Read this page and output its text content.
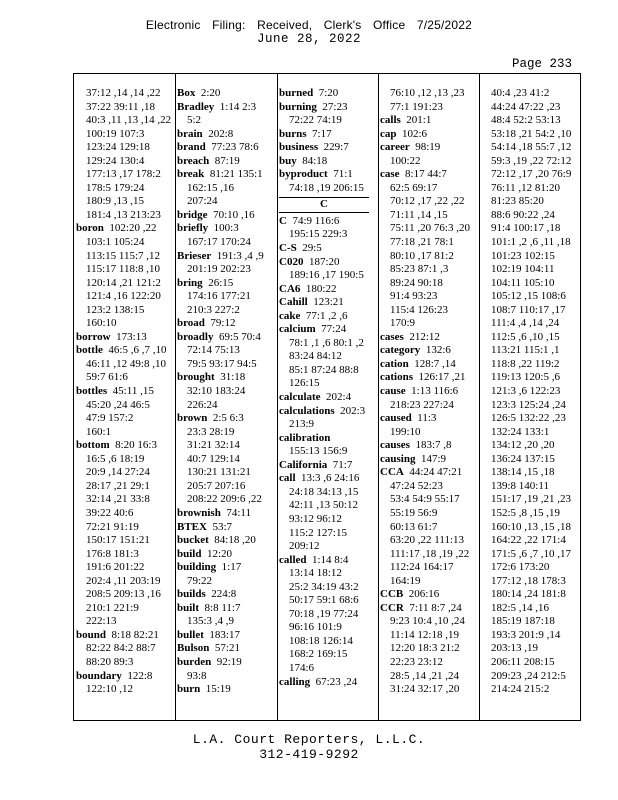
Electronic Filing: Received, Clerk's Office 7/25/2022
June 28, 2022
Page 233
37:12 ,14 ,14 ,22
37:22 39:11 ,18
40:3 ,11 ,13 ,14 ,22
100:19 107:3
123:24 129:18
129:24 130:4
177:13 ,17 178:2
178:5 179:24
180:9 ,13 ,15
181:4 ,13 213:23
boron 102:20 ,22
103:1 105:24
113:15 115:7 ,12
115:17 118:8 ,10
120:14 ,21 121:2
121:4 ,16 122:20
123:2 138:15
160:10
borrow 173:13
bottle 46:5 ,6 ,7 ,10
46:11 ,12 49:8 ,10
59:7 61:6
bottles 45:11 ,15
45:20 ,24 46:5
47:9 157:2
160:1
bottom 8:20 16:3
16:5 ,6 18:19
20:9 ,14 27:24
28:17 ,21 29:1
32:14 ,21 33:8
39:22 40:6
72:21 91:19
150:17 151:21
176:8 181:3
191:6 201:22
202:4 ,11 203:19
208:5 209:13 ,16
210:1 221:9
222:13
bound 8:18 82:21
82:22 84:2 88:7
88:20 89:3
boundary 122:8
122:10 ,12
Box 2:20
Bradley 1:14 2:3
5:2
brain 202:8
brand 77:23 78:6
breach 87:19
break 81:21 135:1
162:15 ,16
207:24
bridge 70:10 ,16
briefly 100:3
167:17 170:24
Brieser 191:3 ,4 ,9
201:19 202:23
bring 26:15
174:16 177:21
210:3 227:2
broad 79:12
broadly 69:5 70:4
72:14 75:13
79:5 93:17 94:5
brought 31:18
32:10 183:24
226:24
brown 2:5 6:3
23:3 28:19
31:21 32:14
40:7 129:14
130:21 131:21
205:7 207:16
208:22 209:6 ,22
brownish 74:11
BTEX 53:7
bucket 84:18 ,20
build 12:20
building 1:17
79:22
builds 224:8
built 8:8 11:7
135:3 ,4 ,9
bullet 183:17
Bulson 57:21
burden 92:19
93:8
burn 15:19
burned 7:20
burning 27:23
72:22 74:19
burns 7:17
business 229:7
buy 84:18
byproduct 71:1
74:18 ,19 206:15
C
C 74:9 116:6
195:15 229:3
C-S 29:5
C020 187:20
189:16 ,17 190:5
CA6 180:22
Cahill 123:21
cake 77:1 ,2 ,6
calcium 77:24
78:1 ,1 ,6 80:1 ,2
83:24 84:12
85:1 87:24 88:8
126:15
calculate 202:4
calculations 202:3
213:9
calibration
155:13 156:9
California 71:7
call 13:3 ,6 24:16
24:18 34:13 ,15
42:11 ,13 50:12
93:12 96:12
115:2 127:15
209:12
called 1:14 8:4
13:14 18:12
25:2 34:19 43:2
50:17 59:1 68:6
70:18 ,19 77:24
96:16 101:9
108:18 126:14
168:2 169:15
174:6
calling 67:23 ,24
76:10 ,12 ,13 ,23
77:1 191:23
calls 201:1
cap 102:6
career 98:19
100:22
case 8:17 44:7
62:5 69:17
70:12 ,17 ,22 ,22
71:11 ,14 ,15
75:11 ,20 76:3 ,20
77:18 ,21 78:1
80:10 ,17 81:2
85:23 87:1 ,3
89:24 90:18
91:4 93:23
115:4 126:23
170:9
cases 212:12
category 132:6
cation 128:7 ,14
cations 126:17 ,21
cause 1:13 116:6
218:23 227:24
caused 11:3
199:10
causes 183:7 ,8
causing 147:9
CCA 44:24 47:21
47:24 52:23
53:4 54:9 55:17
55:19 56:9
60:13 61:7
63:20 ,22 111:13
111:17 ,18 ,19 ,22
112:24 164:17
164:19
CCB 206:16
CCR 7:11 8:7 ,24
9:23 10:4 ,10 ,24
11:14 12:18 ,19
12:20 18:3 21:2
22:23 23:12
28:5 ,14 ,21 ,24
31:24 32:17 ,20
40:4 ,23 41:2
44:24 47:22 ,23
48:4 52:2 53:13
53:18 ,21 54:2 ,10
54:14 ,18 55:7 ,12
59:3 ,19 ,22 72:12
72:12 ,17 ,20 76:9
76:11 ,12 81:20
81:23 85:20
88:6 90:22 ,24
91:4 100:17 ,18
101:1 ,2 ,6 ,11 ,18
101:23 102:15
102:19 104:11
104:11 105:10
105:12 ,15 108:6
108:7 110:17 ,17
111:4 ,4 ,14 ,24
112:5 ,6 ,10 ,15
113:21 115:1 ,1
118:8 ,22 119:2
119:13 120:5 ,6
121:3 ,6 122:23
123:3 125:24 ,24
126:5 132:22 ,23
132:24 133:1
134:12 ,20 ,20
136:24 137:15
138:14 ,15 ,18
139:8 140:11
151:17 ,19 ,21 ,23
152:5 ,8 ,15 ,19
160:10 ,13 ,15 ,18
164:22 ,22 171:4
171:5 ,6 ,7 ,10 ,17
172:6 173:20
177:12 ,18 178:3
180:14 ,24 181:8
182:5 ,14 ,16
185:19 187:18
193:3 201:9 ,14
203:13 ,19
206:11 208:15
209:23 ,24 212:5
214:24 215:2
L.A. Court Reporters, L.L.C.
312-419-9292
